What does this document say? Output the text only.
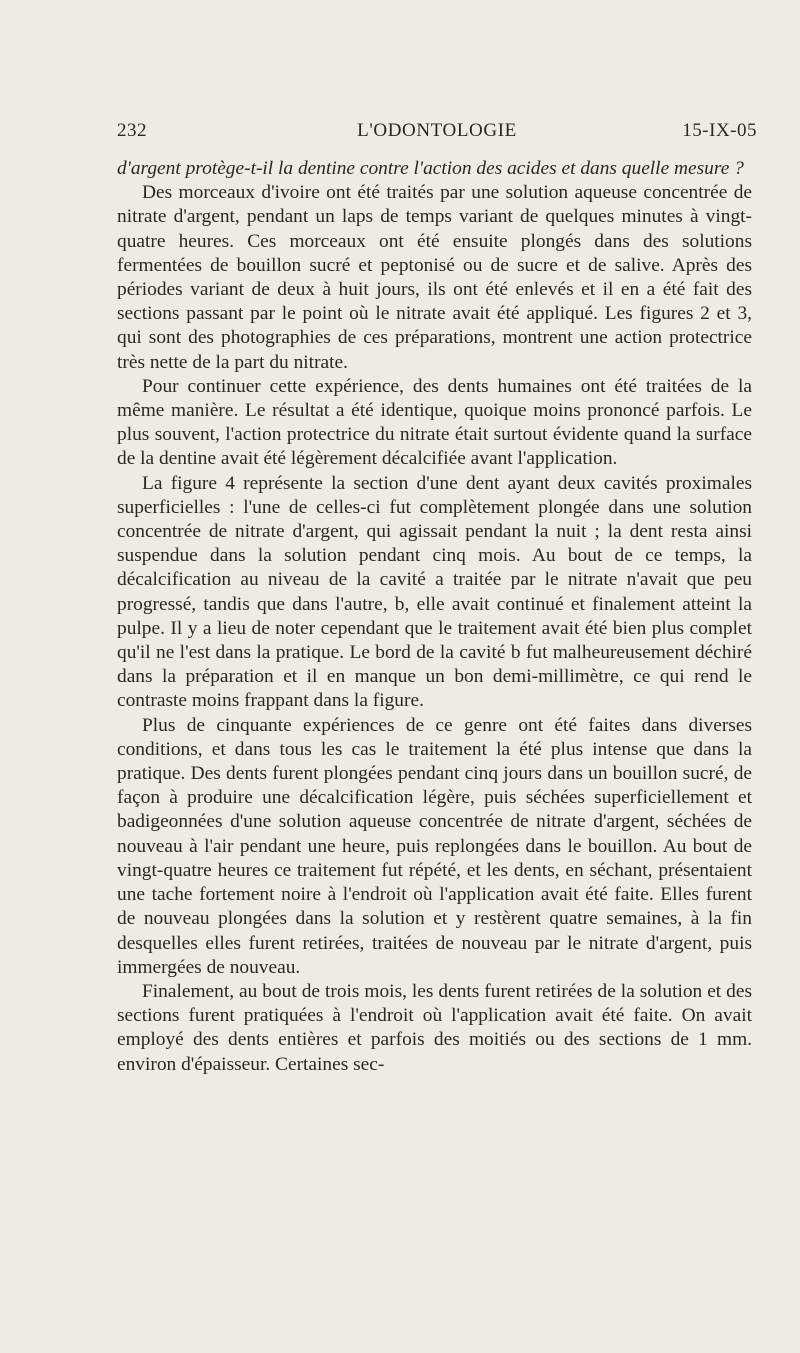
232	L'ODONTOLOGIE	15-IX-05

d'argent protège-t-il la dentine contre l'action des acides et dans quelle mesure ?

Des morceaux d'ivoire ont été traités par une solution aqueuse concentrée de nitrate d'argent, pendant un laps de temps variant de quelques minutes à vingt-quatre heures. Ces morceaux ont été ensuite plongés dans des solutions fermentées de bouillon sucré et peptonisé ou de sucre et de salive. Après des périodes variant de deux à huit jours, ils ont été enlevés et il en a été fait des sections passant par le point où le nitrate avait été appliqué. Les figures 2 et 3, qui sont des photographies de ces préparations, montrent une action protectrice très nette de la part du nitrate.

Pour continuer cette expérience, des dents humaines ont été traitées de la même manière. Le résultat a été identique, quoique moins prononcé parfois. Le plus souvent, l'action protectrice du nitrate était surtout évidente quand la surface de la dentine avait été légèrement décalcifiée avant l'application.

La figure 4 représente la section d'une dent ayant deux cavités proximales superficielles : l'une de celles-ci fut complètement plongée dans une solution concentrée de nitrate d'argent, qui agissait pendant la nuit ; la dent resta ainsi suspendue dans la solution pendant cinq mois. Au bout de ce temps, la décalcification au niveau de la cavité a traitée par le nitrate n'avait que peu progressé, tandis que dans l'autre, b, elle avait continué et finalement atteint la pulpe. Il y a lieu de noter cependant que le traitement avait été bien plus complet qu'il ne l'est dans la pratique. Le bord de la cavité b fut malheureusement déchiré dans la préparation et il en manque un bon demi-millimètre, ce qui rend le contraste moins frappant dans la figure.

Plus de cinquante expériences de ce genre ont été faites dans diverses conditions, et dans tous les cas le traitement la été plus intense que dans la pratique. Des dents furent plongées pendant cinq jours dans un bouillon sucré, de façon à produire une décalcification légère, puis séchées superficiellement et badigeonnées d'une solution aqueuse concentrée de nitrate d'argent, séchées de nouveau à l'air pendant une heure, puis replongées dans le bouillon. Au bout de vingt-quatre heures ce traitement fut répété, et les dents, en séchant, présentaient une tache fortement noire à l'endroit où l'application avait été faite. Elles furent de nouveau plongées dans la solution et y restèrent quatre semaines, à la fin desquelles elles furent retirées, traitées de nouveau par le nitrate d'argent, puis immergées de nouveau.

Finalement, au bout de trois mois, les dents furent retirées de la solution et des sections furent pratiquées à l'endroit où l'application avait été faite. On avait employé des dents entières et parfois des moitiés ou des sections de 1 mm. environ d'épaisseur. Certaines sec-
